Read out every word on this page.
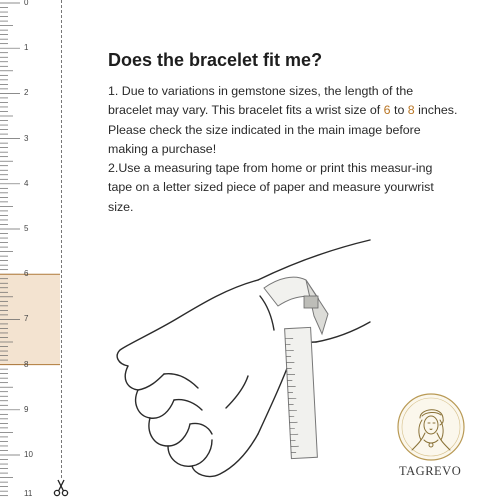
0
1
2
3
4
5
6
7
8
9
10
11
Does the bracelet fit me?

1. Due to variations in gemstone sizes, the length of the bracelet may vary. This bracelet fits a wrist size of 6 to 8 inches. Please check the size indicated in the main image before making a purchase!
2.Use a measuring tape from home or print this measur-ing tape on a letter sized piece of paper and measure yourwrist size.

TAGREVO
